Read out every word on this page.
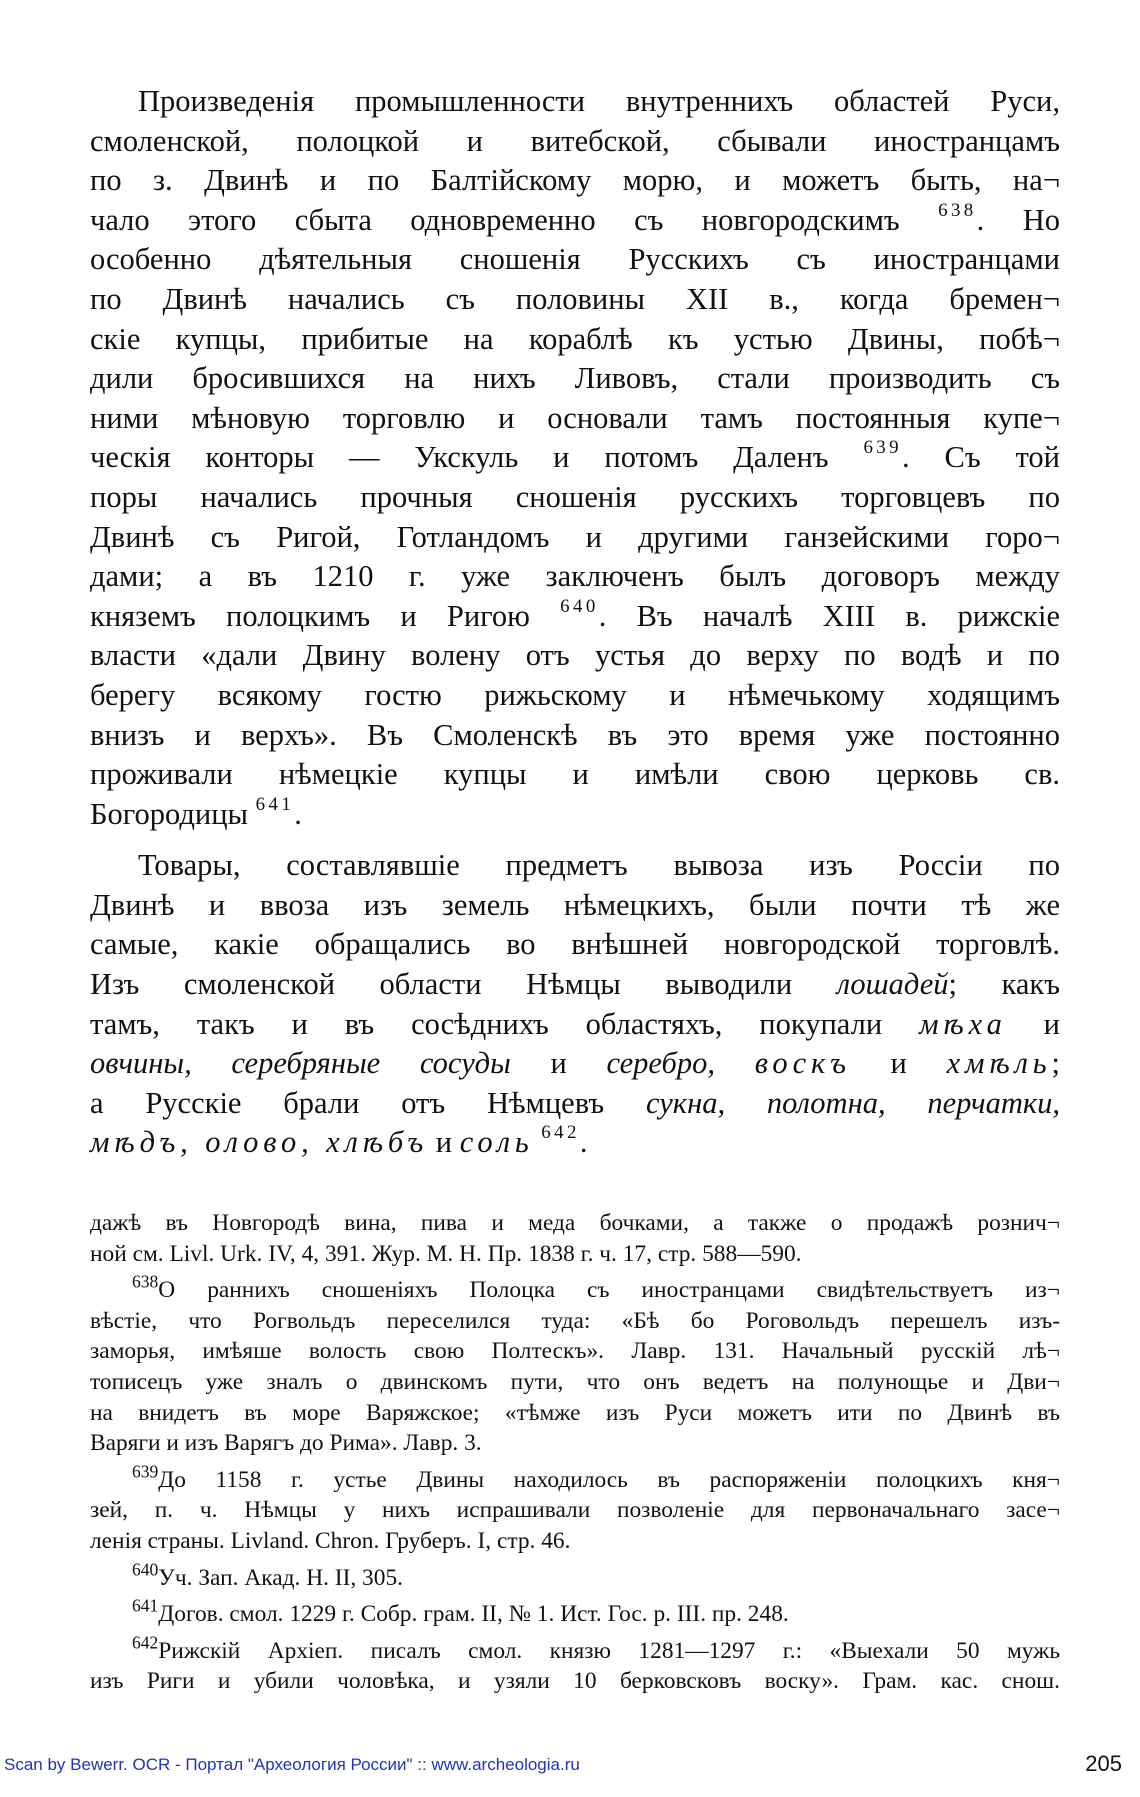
Произведенія промышленности внутреннихъ областей Руси,
смоленской, полоцкой и витебской, сбывали иностранцамъ
по з. Двинѣ и по Балтійскому морю, и можетъ быть, на¬
чало этого сбыта одновременно съ новгородскимъ $^{638}$. Но
особенно дѣятельныя сношенія Русскихъ съ иностранцами
по Двинѣ начались съ половины XII в., когда бремен¬
скіе купцы, прибитые на кораблѣ къ устью Двины, побѣ¬
дили бросившихся на нихъ Ливовъ, стали производить съ
ними мѣновую торговлю и основали тамъ постоянныя купе¬
ческія конторы — Укскуль и потомъ Даленъ $^{639}$. Съ той
поры начались прочныя сношенія русскихъ торговцевъ по
Двинѣ съ Ригой, Готландомъ и другими ганзейскими горо¬
дами; а въ 1210 г. уже заключенъ былъ договоръ между
княземъ полоцкимъ и Ригою $^{640}$. Въ началѣ XIII в. рижскіе
власти «дали Двину волену отъ устья до верху по водѣ и по
берегу всякому гостю рижьскому и нѣмечькому ходящимъ
внизъ и верхъ». Въ Смоленскѣ въ это время уже постоянно
проживали нѣмецкіе купцы и имѣли свою церковь св.
Богородицы $^{641}$.
Товары, составлявшіе предметъ вывоза изъ Россіи по
Двинѣ и ввоза изъ земель нѣмецкихъ, были почти тѣ же
самые, какіе обращались во внѣшней новгородской торговлѣ.
Изъ смоленской области Нѣмцы выводили лошадей; какъ
тамъ, такъ и въ сосѣднихъ областяхъ, покупали мѣха и
овчины, серебряные сосуды и серебро, воскъ и хмѣль;
а Русскіе брали отъ Нѣмцевъ сукна, полотна, перчатки,
мѣдъ, олово, хлѣбъ и соль $^{642}$.
дажѣ въ Новгородѣ вина, пива и меда бочками, а также о продажѣ рознич¬
ной см. Livl. Urk. IV, 4, 391. Жур. М. Н. Пр. 1838 г. ч. 17, стр. 588—590.
$^{638}$О раннихъ сношеніяхъ Полоцка съ иностранцами свидѣтельствуетъ из¬
вѣстіе, что Рогвольдъ переселился туда: «Бѣ бо Роговольдъ перешелъ изъ-
заморья, имѣяше волость свою Полтескъ». Лавр. 131. Начальный русскій лѣ¬
тописецъ уже зналъ о двинскомъ пути, что онъ ведетъ на полунощье и Дви¬
на внидетъ въ море Варяжское; «тѣмже изъ Руси можетъ ити по Двинѣ въ
Варяги и изъ Варягъ до Рима». Лавр. 3.
$^{639}$До 1158 г. устье Двины находилось въ распоряженіи полоцкихъ кня¬
зей, п. ч. Нѣмцы у нихъ испрашивали позволеніе для первоначальнаго засе¬
ленія страны. Livland. Chron. Груберъ. I, стр. 46.
$^{640}$Уч. Зап. Акад. Н. II, 305.
$^{641}$Догов. смол. 1229 г. Собр. грам. II, № 1. Ист. Гос. р. III. пр. 248.
$^{642}$Рижскій Архіеп. писалъ смол. князю 1281—1297 г.: «Выехали 50 мужь
изъ Риги и убили чоловѣка, и узяли 10 берковсковъ воску». Грам. кас. снош.
Scan by Bewerr. OCR - Портал "Археология России" :: www.archeologia.ru	205
